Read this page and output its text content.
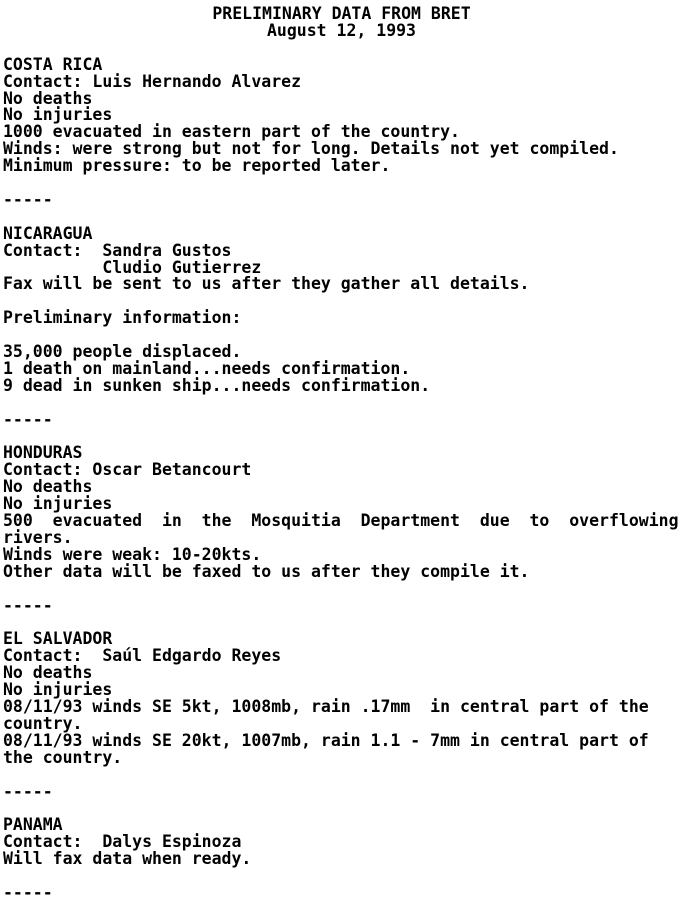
PRELIMINARY DATA FROM BRET
August 12, 1993
COSTA RICA
Contact: Luis Hernando Alvarez
No deaths
No injuries
1000 evacuated in eastern part of the country.
Winds: were strong but not for long. Details not yet compiled.
Minimum pressure: to be reported later.
-----
NICARAGUA
Contact:  Sandra Gustos
Cludio Gutierrez
Fax will be sent to us after they gather all details.
Preliminary information:
35,000 people displaced.
1 death on mainland...needs confirmation.
9 dead in sunken ship...needs confirmation.
-----
HONDURAS
Contact: Oscar Betancourt
No deaths
No injuries
500  evacuated  in  the  Mosquitia  Department  due  to  overflowing
rivers.
Winds were weak: 10-20kts.
Other data will be faxed to us after they compile it.
-----
EL SALVADOR
Contact:  Saúl Edgardo Reyes
No deaths
No injuries
08/11/93 winds SE 5kt, 1008mb, rain .17mm  in central part of the
country.
08/11/93 winds SE 20kt, 1007mb, rain 1.1 - 7mm in central part of
the country.
-----
PANAMA
Contact:  Dalys Espinoza
Will fax data when ready.
-----
